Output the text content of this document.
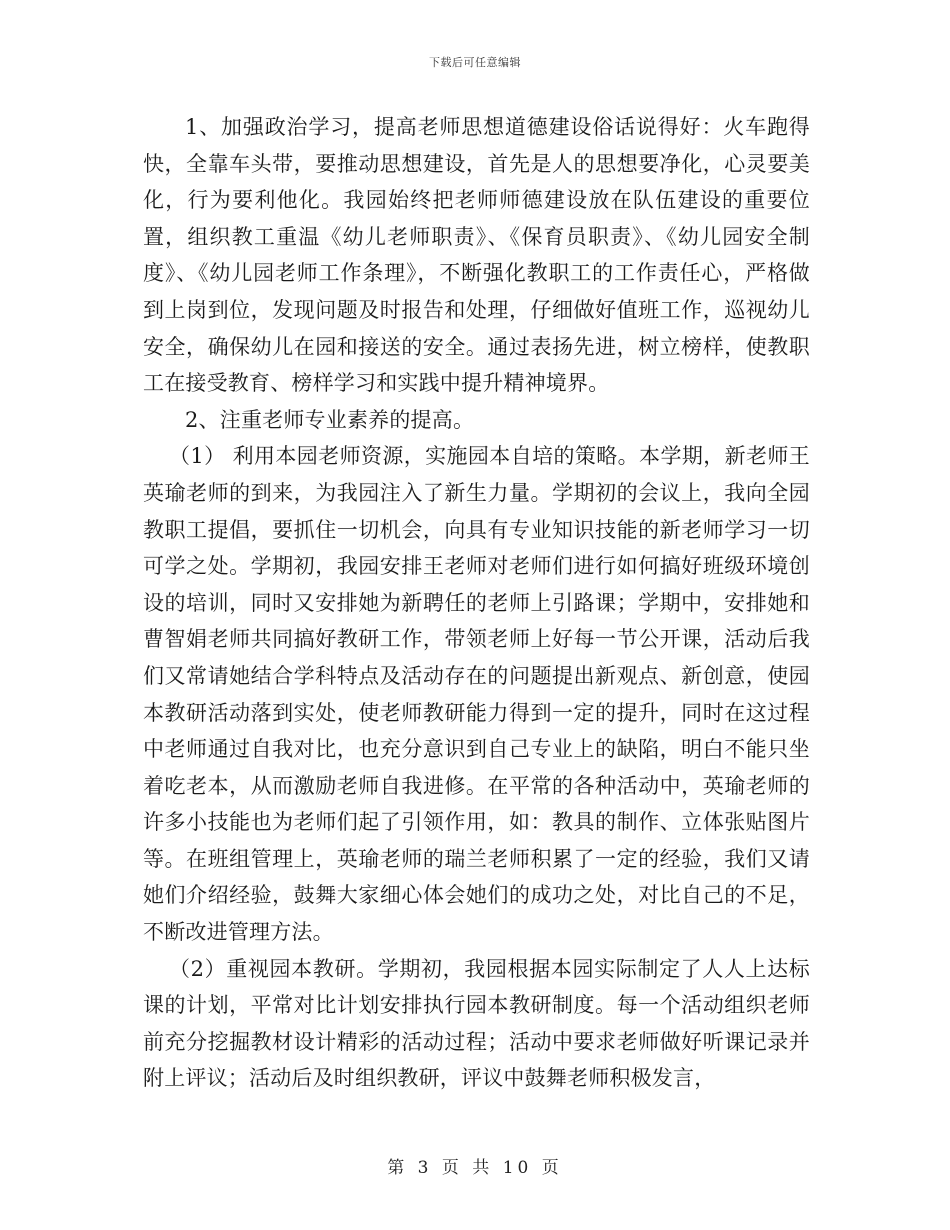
下载后可任意编辑

1、加强政治学习，提高老师思想道德建设俗话说得好：火车跑得快，全靠车头带，要推动思想建设，首先是人的思想要净化，心灵要美化，行为要利他化。我园始终把老师师德建设放在队伍建设的重要位置，组织教工重温《幼儿老师职责》、《保育员职责》、《幼儿园安全制度》、《幼儿园老师工作条理》，不断强化教职工的工作责任心，严格做到上岗到位，发现问题及时报告和处理，仔细做好值班工作，巡视幼儿安全，确保幼儿在园和接送的安全。通过表扬先进，树立榜样，使教职工在接受教育、榜样学习和实践中提升精神境界。

2、注重老师专业素养的提高。

（1） 利用本园老师资源，实施园本自培的策略。本学期，新老师王英瑜老师的到来，为我园注入了新生力量。学期初的会议上，我向全园教职工提倡，要抓住一切机会，向具有专业知识技能的新老师学习一切可学之处。学期初，我园安排王老师对老师们进行如何搞好班级环境创设的培训，同时又安排她为新聘任的老师上引路课；学期中，安排她和曹智娟老师共同搞好教研工作，带领老师上好每一节公开课，活动后我们又常请她结合学科特点及活动存在的问题提出新观点、新创意，使园本教研活动落到实处，使老师教研能力得到一定的提升，同时在这过程中老师通过自我对比，也充分意识到自己专业上的缺陷，明白不能只坐着吃老本，从而激励老师自我进修。在平常的各种活动中，英瑜老师的许多小技能也为老师们起了引领作用，如：教具的制作、立体张贴图片等。在班组管理上，英瑜老师的瑞兰老师积累了一定的经验，我们又请她们介绍经验，鼓舞大家细心体会她们的成功之处，对比自己的不足，不断改进管理方法。

（2）重视园本教研。学期初，我园根据本园实际制定了人人上达标课的计划，平常对比计划安排执行园本教研制度。每一个活动组织老师前充分挖掘教材设计精彩的活动过程；活动中要求老师做好听课记录并附上评议；活动后及时组织教研，评议中鼓舞老师积极发言，

第 3 页 共 10 页
